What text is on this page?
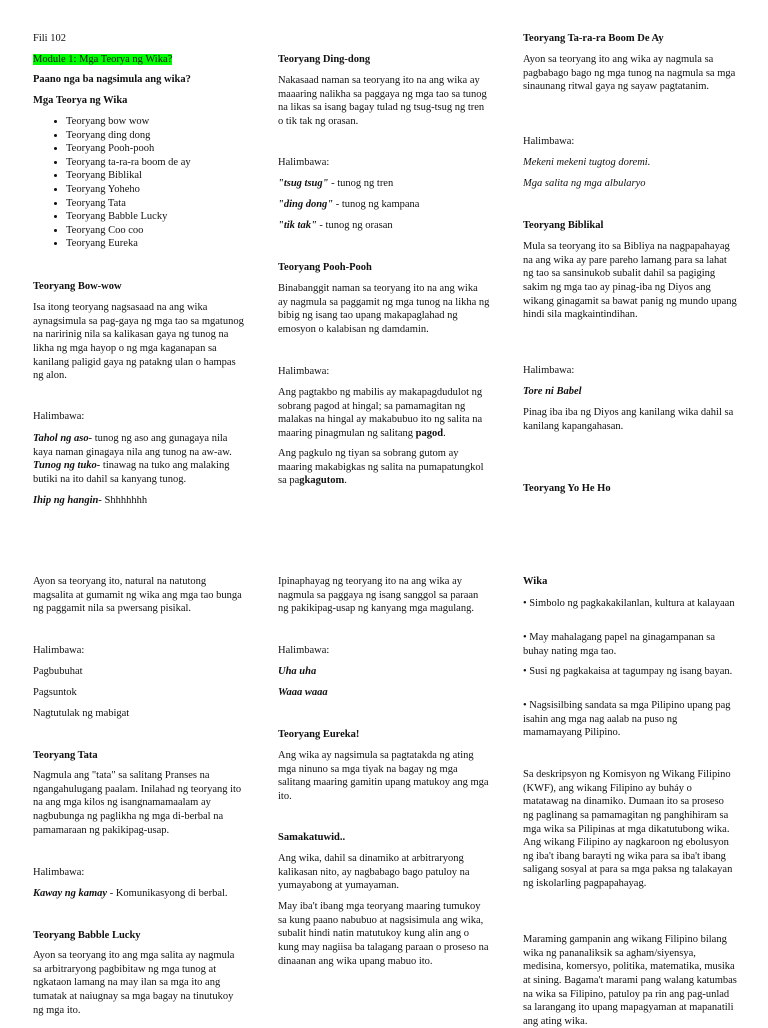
Fili 102
Module 1: Mga Teorya ng Wika?
Paano nga ba nagsimula ang wika?
Mga Teorya ng Wika
• Teoryang bow wow
• Teoryang ding dong
• Teoryang Pooh-pooh
• Teoryang ta-ra-ra boom de ay
• Teoryang Biblikal
• Teoryang Yoheho
• Teoryang Tata
• Teoryang Babble Lucky
• Teoryang Coo coo
• Teoryang Eureka
Teoryang Bow-wow
Isa itong teoryang nagsasaad na ang wika aynagsimula sa pag-gaya ng mga tao sa mgatunog na naririnig nila sa kalikasan gaya ng tunog na likha ng mga hayop o ng mga kaganapan sa kanilang paligid gaya ng patakng ulan o hampas ng alon.
Halimbawa:

Tahol ng aso- tunog ng aso ang gunagaya nila kaya naman ginagaya nila ang tunog na aw-aw.

Tunog ng tuko- tinawag na tuko ang malaking butiki na ito dahil sa kanyang tunog.

Ihip ng hangin- Shhhhhhh

Ayon sa teoryang ito, natural na natutong magsalita at gumamit ng wika ang mga tao bunga ng paggamit nila sa pwersang pisikal.
Halimbawa:
Pagbubuhat
Pagsuntok
Nagtutulak ng mabigat
Teoryang Tata
Nagmula ang "tata" sa salitang Pranses na ngangahulugang paalam. Inilahad ng teoryang ito na ang mga kilos ng isangnamamaalam ay nagbubunga ng paglikha ng mga di-berbal na pamamaraan ng pakikipag-usap.
Halimbawa:
Kaway ng kamay - Komunikasyong di berbal.
Teoryang Babble Lucky
Ayon sa teoryang ito ang mga salita ay nagmula sa arbitraryong pagbibitaw ng mga tunog at ngkataon lamang na may ilan sa mga ito ang tumatak at naiugnay sa mga bagay na tinutukoy ng mga ito.
Teoryang Ding-dong
Nakasaad naman sa teoryang ito na ang wika ay maaaring nalikha sa paggaya ng mga tao sa tunog na likas sa isang bagay tulad ng tsug-tsug ng tren o tik tak ng orasan.
Halimbawa:
"tsug tsug" - tunog ng tren
"ding dong" - tunog ng kampana
"tik tak" - tunog ng orasan
Teoryang Pooh-Pooh
Binabanggit naman sa teoryang ito na ang wika ay nagmula sa paggamit ng mga tunog na likha ng bibig ng isang tao upang makapaglahad ng emosyon o kalabisan ng damdamin.
Halimbawa:
Ang pagtakbo ng mabilis ay makapagdudulot ng sobrang pagod at hingal; sa pamamagitan ng malakas na hingal ay makabubuo ito ng salita na maaring pinagmulan ng salitang pagod.
Ang pagkulo ng tiyan sa sobrang gutom ay maaring makabigkas ng salita na pumapatungkol sa pagkagutom.
Ipinaphayag ng teoryang ito na ang wika ay nagmula sa paggaya ng isang sanggol sa paraan ng pakikipag-usap ng kanyang mga magulang.
Halimbawa:
Uha uha
Waaa waaa
Teoryang Eureka!
Ang wika ay nagsimula sa pagtatakda ng ating mga ninuno sa mga tiyak na bagay ng mga salitang maaring gamitin upang matukoy ang mga ito.
Samakatuwid..
Ang wika, dahil sa dinamiko at arbitraryong kalikasan nito, ay nagbabago bago patuloy na yumayabong at yumayaman.
May iba't ibang mga teoryang maaring tumukoy sa kung paano nabubuo at nagsisimula ang wika, subalit hindi natin matutukoy kung alin ang o kung may nagiisa ba talagang paraan o proseso na dinaanan ang wika upang mabuo ito.
Teoryang Ta-ra-ra Boom De Ay
Ayon sa teoryang ito ang wika ay nagmula sa pagbabago bago ng mga tunog na nagmula sa mga sinaunang ritwal gaya ng sayaw pagtatanim.
Halimbawa:
Mekeni mekeni tugtog doremi.
Mga salita ng mga albularyo
Teoryang Biblikal
Mula sa teoryang ito sa Bibliya na nagpapahayag na ang wika ay pare pareho lamang para sa lahat ng tao sa sansinukob subalit dahil sa pagiging sakim ng mga tao ay pinag-iba ng Diyos ang wikang ginagamit sa bawat panig ng mundo upang hindi sila magkaintindihan.
Halimbawa:
Tore ni Babel
Pinag iba iba ng Diyos ang kanilang wika dahil sa kanilang kapangahasan.
Teoryang Yo He Ho
Wika
• Simbolo ng pagkakakilanlan, kultura at kalayaan
• May mahalagang papel na ginagampanan sa buhay nating mga tao.
• Susi ng pagkakaisa at tagumpay ng isang bayan.
• Nagsisilbing sandata sa mga Pilipino upang pag isahin ang mga nag aalab na puso ng mamamayang Pilipino.
Sa deskripsyon ng Komisyon ng Wikang Filipino (KWF), ang wikang Filipino ay buháy o matatawag na dinamiko. Dumaan ito sa proseso ng paglinang sa pamamagitan ng panghihiram sa mga wika sa Pilipinas at mga dikatutubong wika. Ang wikang Filipino ay nagkaroon ng ebolusyon ng iba't ibang barayti ng wika para sa iba't ibang saligang sosyal at para sa mga paksa ng talakayan ng iskolarling pagpapahayag.
Maraming gampanin ang wikang Filipino bilang wika ng pananaliksik sa agham/siyensya, medisina, komersyo, politika, matematika, musika at sining. Bagama't marami pang walang katumbas na wika sa Filipino, patuloy pa rin ang pag-unlad sa larangang ito upang mapagyaman at mapanatili ang ating wika.
